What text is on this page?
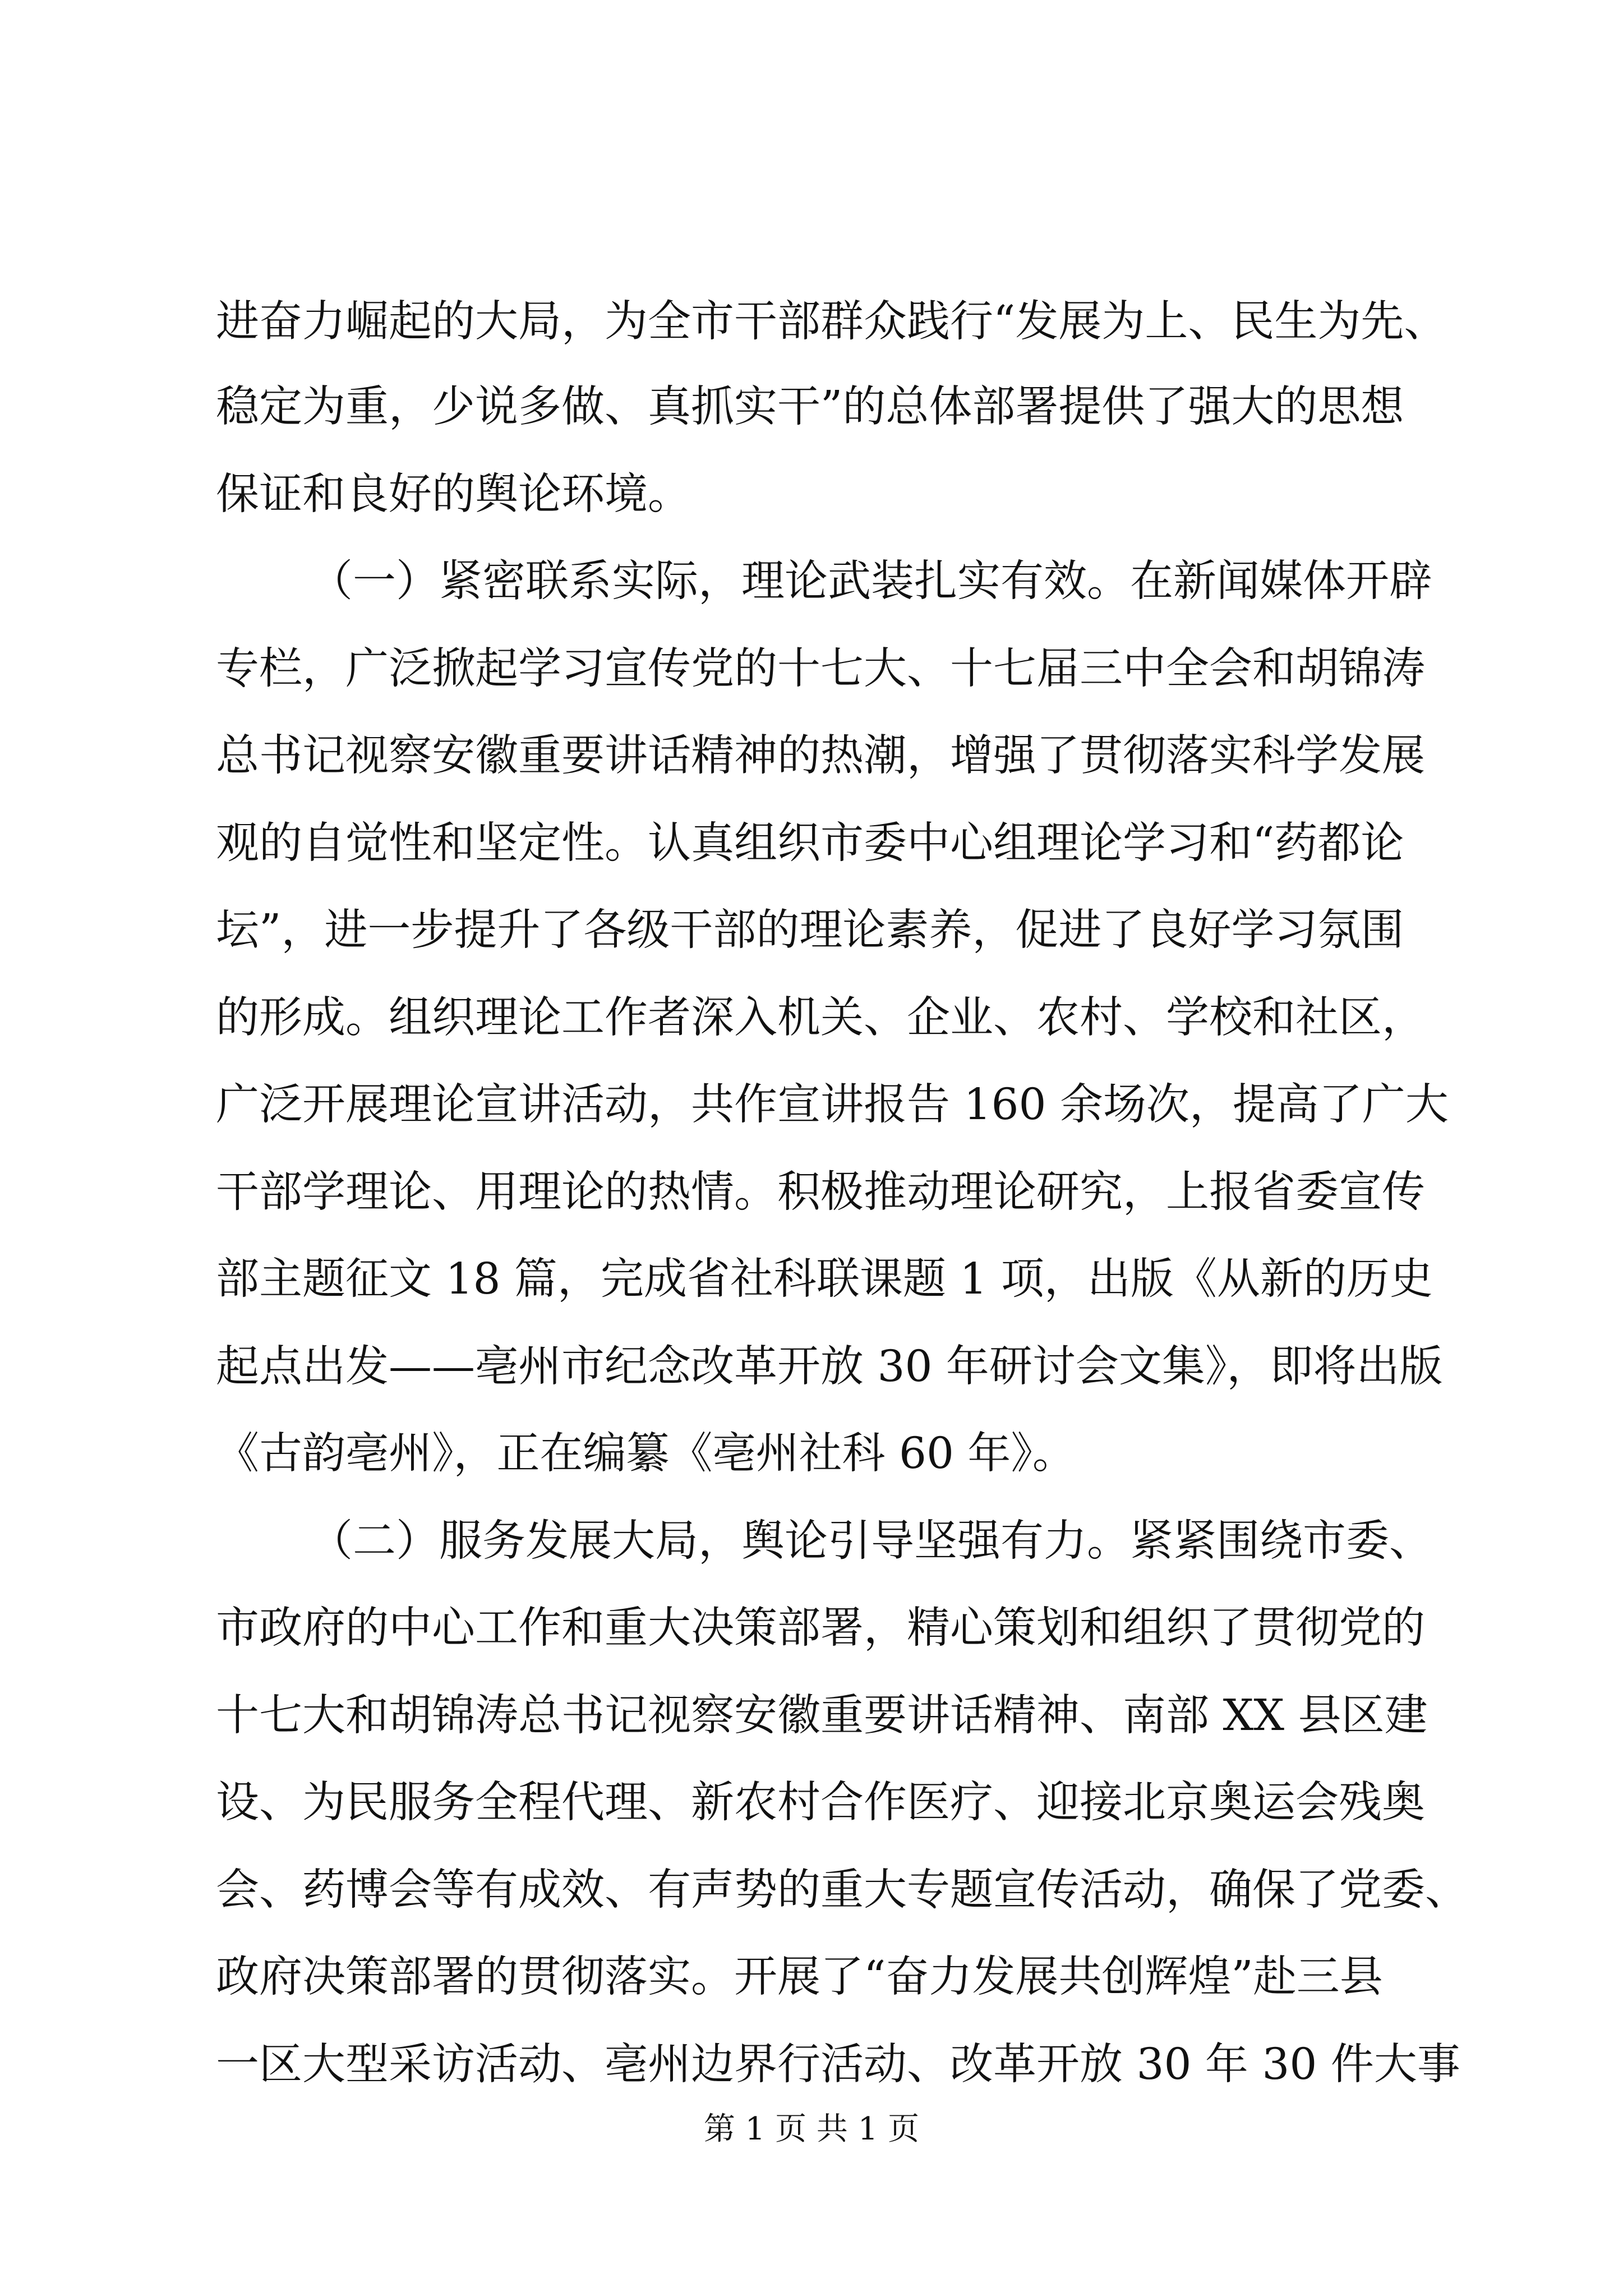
进奋力崛起的大局，为全市干部群众践行“发展为上、民生为先、
稳定为重，少说多做、真抓实干”的总体部署提供了强大的思想
保证和良好的舆论环境。
（一）紧密联系实际，理论武装扎实有效。在新闻媒体开辟
专栏，广泛掀起学习宣传党的十七大、十七届三中全会和胡锦涛
总书记视察安徽重要讲话精神的热潮，增强了贯彻落实科学发展
观的自觉性和坚定性。认真组织市委中心组理论学习和“药都论
坛”，进一步提升了各级干部的理论素养，促进了良好学习氛围
的形成。组织理论工作者深入机关、企业、农村、学校和社区，
广泛开展理论宣讲活动，共作宣讲报告 160 余场次，提高了广大
干部学理论、用理论的热情。积极推动理论研究，上报省委宣传
部主题征文 18 篇，完成省社科联课题 1 项，出版《从新的历史
起点出发——亳州市纪念改革开放 30 年研讨会文集》，即将出版
《古韵亳州》，正在编纂《亳州社科 60 年》。
（二）服务发展大局，舆论引导坚强有力。紧紧围绕市委、
市政府的中心工作和重大决策部署，精心策划和组织了贯彻党的
十七大和胡锦涛总书记视察安徽重要讲话精神、南部 XX 县区建
设、为民服务全程代理、新农村合作医疗、迎接北京奥运会残奥
会、药博会等有成效、有声势的重大专题宣传活动，确保了党委、
政府决策部署的贯彻落实。开展了“奋力发展共创辉煌”赴三县
一区大型采访活动、亳州边界行活动、改革开放 30 年 30 件大事
第 1 页 共 1 页
